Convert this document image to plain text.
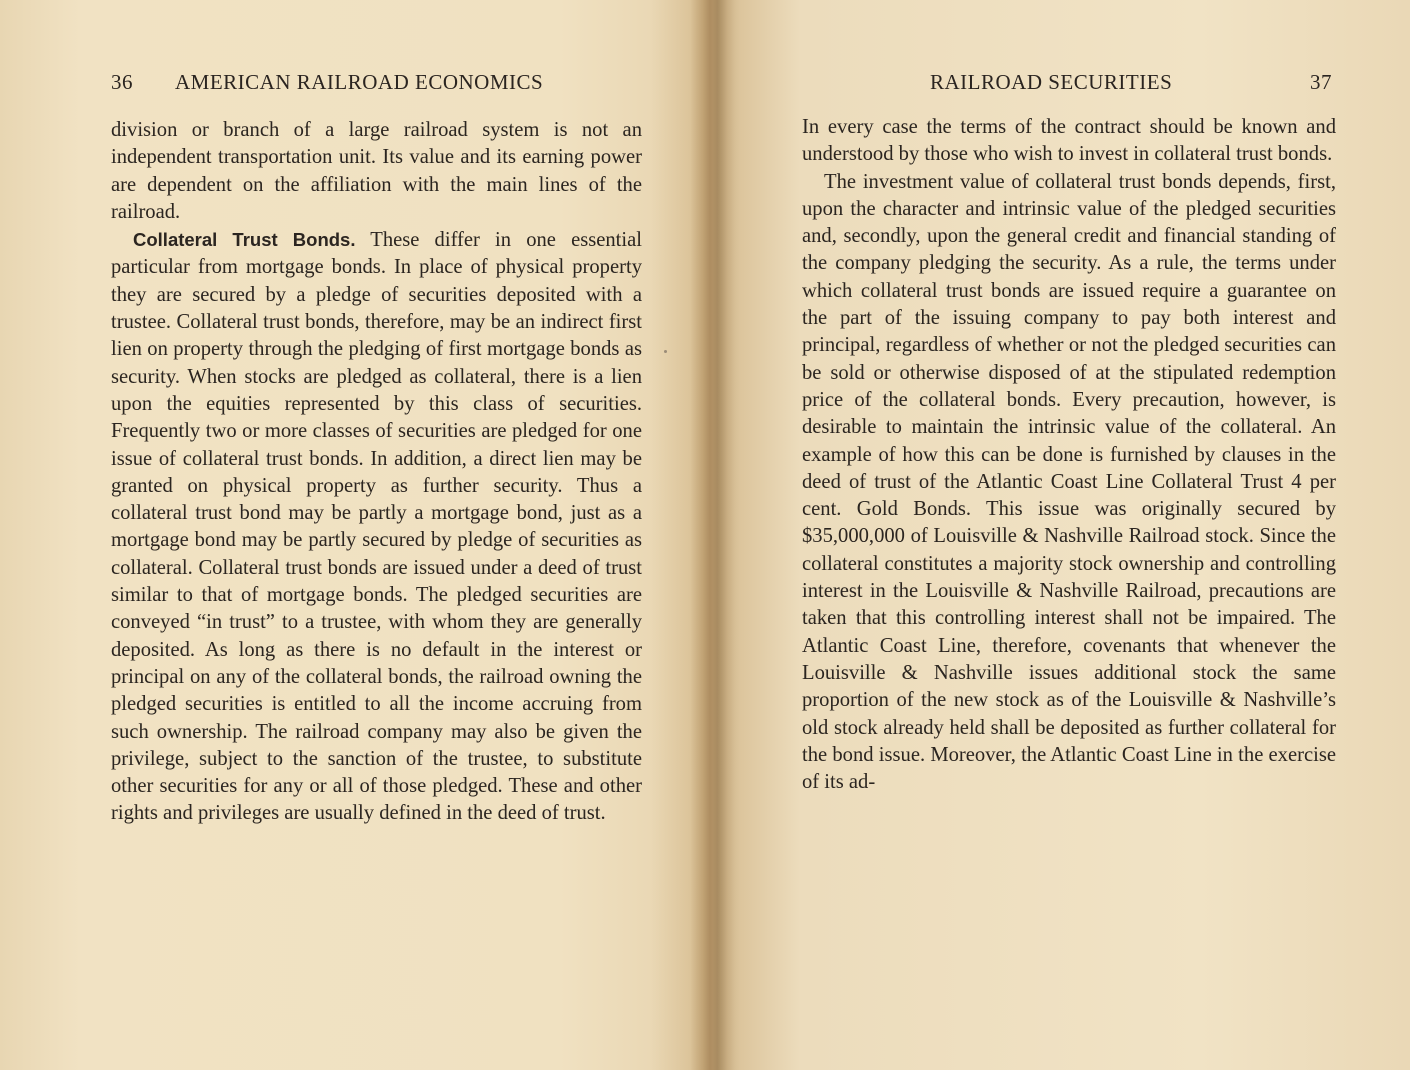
36 AMERICAN RAILROAD ECONOMICS

division or branch of a large railroad system is not an independent transportation unit. Its value and its earning power are dependent on the affiliation with the main lines of the railroad.

Collateral Trust Bonds. These differ in one essential particular from mortgage bonds. In place of physical property they are secured by a pledge of securities deposited with a trustee. Collateral trust bonds, therefore, may be an indirect first lien on property through the pledging of first mortgage bonds as security. When stocks are pledged as collateral, there is a lien upon the equities represented by this class of securities. Frequently two or more classes of securities are pledged for one issue of collateral trust bonds. In addition, a direct lien may be granted on physical property as further security. Thus a collateral trust bond may be partly a mortgage bond, just as a mortgage bond may be partly secured by pledge of securities as collateral. Collateral trust bonds are issued under a deed of trust similar to that of mortgage bonds. The pledged securities are conveyed “in trust” to a trustee, with whom they are generally deposited. As long as there is no default in the interest or principal on any of the collateral bonds, the railroad owning the pledged securities is entitled to all the income accruing from such ownership. The railroad company may also be given the privilege, subject to the sanction of the trustee, to substitute other securities for any or all of those pledged. These and other rights and privileges are usually defined in the deed of trust.

RAILROAD SECURITIES	37

In every case the terms of the contract should be known and understood by those who wish to invest in collateral trust bonds.

The investment value of collateral trust bonds depends, first, upon the character and intrinsic value of the pledged securities and, secondly, upon the general credit and financial standing of the company pledging the security. As a rule, the terms under which collateral trust bonds are issued require a guarantee on the part of the issuing company to pay both interest and principal, regardless of whether or not the pledged securities can be sold or otherwise disposed of at the stipulated redemption price of the collateral bonds. Every precaution, however, is desirable to maintain the intrinsic value of the collateral. An example of how this can be done is furnished by clauses in the deed of trust of the Atlantic Coast Line Collateral Trust 4 per cent. Gold Bonds. This issue was originally secured by $35,000,000 of Louisville & Nashville Railroad stock. Since the collateral constitutes a majority stock ownership and controlling interest in the Louisville & Nashville Railroad, precautions are taken that this controlling interest shall not be impaired. The Atlantic Coast Line, therefore, covenants that whenever the Louisville & Nashville issues additional stock the same proportion of the new stock as of the Louisville & Nashville’s old stock already held shall be deposited as further collateral for the bond issue. Moreover, the Atlantic Coast Line in the exercise of its ad-
